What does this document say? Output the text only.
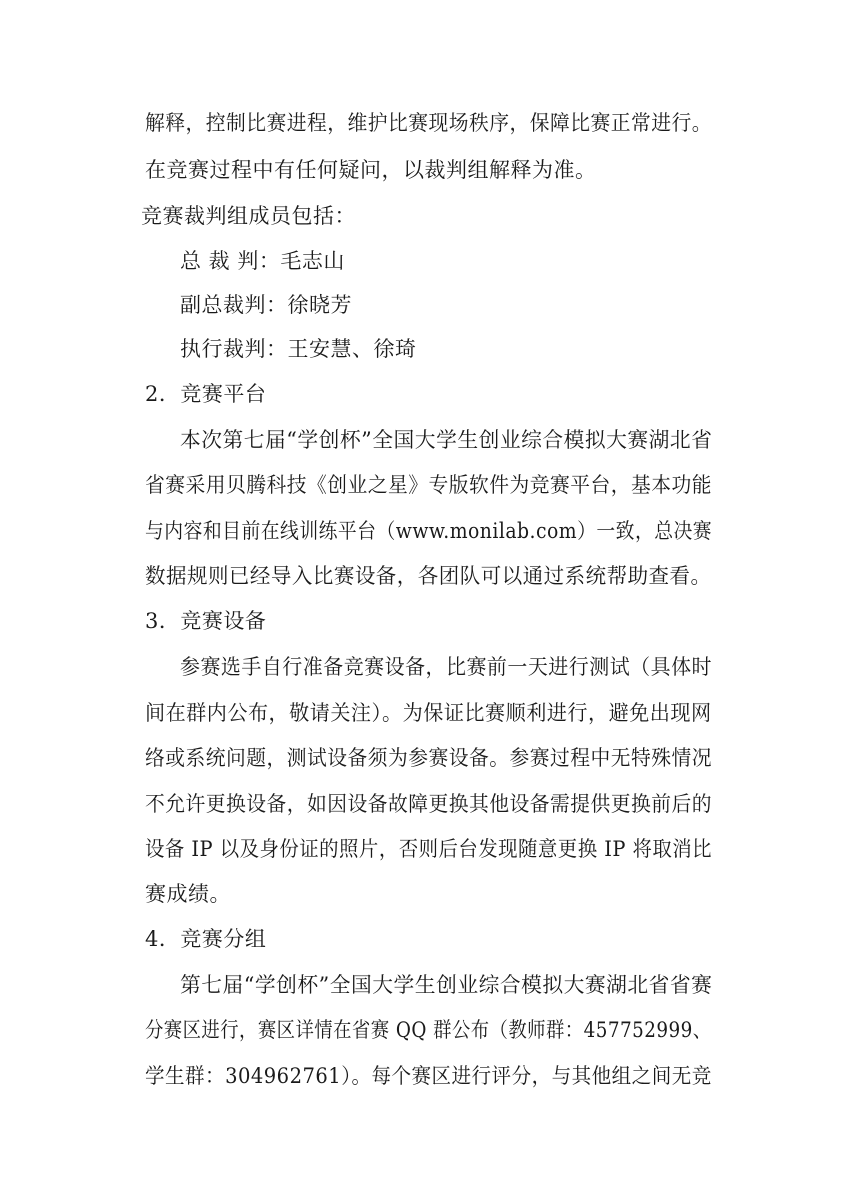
解释，控制比赛进程，维护比赛现场秩序，保障比赛正常进行。
在竞赛过程中有任何疑问，以裁判组解释为准。
竞赛裁判组成员包括：
总 裁 判：毛志山
副总裁判：徐晓芳
执行裁判：王安慧、徐琦
2．竞赛平台
本次第七届“学创杯”全国大学生创业综合模拟大赛湖北省
省赛采用贝腾科技《创业之星》专版软件为竞赛平台，基本功能
与内容和目前在线训练平台（www.monilab.com）一致，总决赛
数据规则已经导入比赛设备，各团队可以通过系统帮助查看。
3．竞赛设备
参赛选手自行准备竞赛设备，比赛前一天进行测试（具体时
间在群内公布，敬请关注）。为保证比赛顺利进行，避免出现网
络或系统问题，测试设备须为参赛设备。参赛过程中无特殊情况
不允许更换设备，如因设备故障更换其他设备需提供更换前后的
设备 IP 以及身份证的照片，否则后台发现随意更换 IP 将取消比
赛成绩。
4．竞赛分组
第七届“学创杯”全国大学生创业综合模拟大赛湖北省省赛
分赛区进行，赛区详情在省赛 QQ 群公布（教师群：457752999、
学生群：304962761）。每个赛区进行评分，与其他组之间无竞
